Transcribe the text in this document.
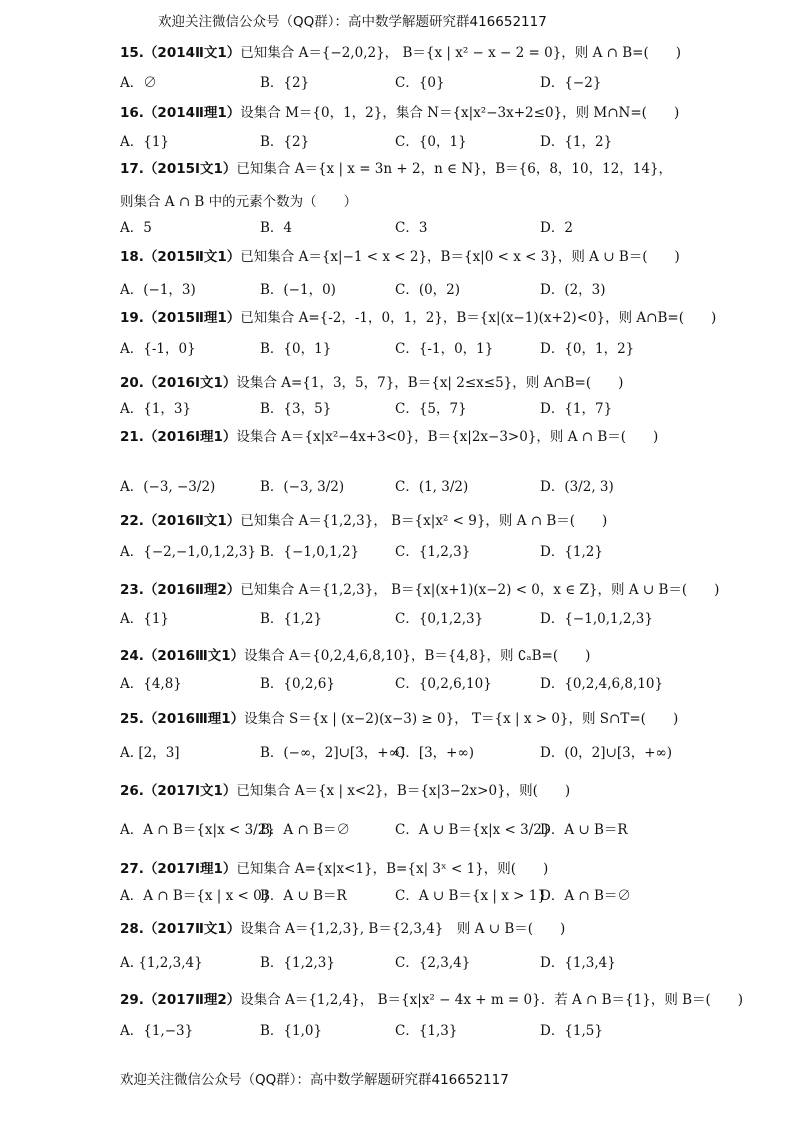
欢迎关注微信公众号（QQ群）：高中数学解题研究群416652117
15.（2014Ⅱ文1）已知集合 A＝{−2,0,2}， B＝{x | x² − x − 2 = 0}，则 A ∩ B=(　　)
A．∅	B．{2}	C．{0}	D．{−2}
16.（2014Ⅱ理1）设集合 M＝{0，1，2}，集合 N＝{x|x²−3x+2≤0}，则 M∩N=(　　)
A．{1}	B．{2}	C．{0，1}	D．{1，2}
17.（2015Ⅰ文1）已知集合 A＝{x | x = 3n + 2，n ∈ N}，B＝{6，8，10，12，14}，
则集合 A ∩ B 中的元素个数为（　　）
A．5	B．4	C．3	D．2
18.（2015Ⅱ文1）已知集合 A＝{x|−1 < x < 2}，B＝{x|0 < x < 3}，则 A ∪ B＝(　　)
A．(−1，3)	B．(−1，0)	C．(0，2)	D．(2，3)
19.（2015Ⅱ理1）已知集合 A={-2，-1，0，1，2}，B＝{x|(x−1)(x+2)<0}，则 A∩B=(　　)
A．{-1，0}	B．{0，1}	C．{-1，0，1}	D．{0，1，2}
20.（2016Ⅰ文1）设集合 A={1，3，5，7}，B＝{x| 2≤x≤5}，则 A∩B=(　　)
A．{1，3}	B．{3，5}	C．{5，7}	D．{1，7}
21.（2016Ⅰ理1）设集合 A＝{x|x²−4x+3<0}，B＝{x|2x−3>0}，则 A ∩ B＝(　　)
A．(−3, −3/2)	B．(−3, 3/2)	C．(1, 3/2)	D．(3/2, 3)
22.（2016Ⅱ文1）已知集合 A＝{1,2,3}， B＝{x|x² < 9}，则 A ∩ B＝(　　)
A．{−2,−1,0,1,2,3} B．{−1,0,1,2}	C．{1,2,3}	D．{1,2}
23.（2016Ⅱ理2）已知集合 A＝{1,2,3}， B＝{x|(x+1)(x−2) < 0，x ∈ Z}，则 A ∪ B＝(　　)
A．{1}	B．{1,2}	C．{0,1,2,3}	D．{−1,0,1,2,3}
24.（2016Ⅲ文1）设集合 A＝{0,2,4,6,8,10}，B＝{4,8}，则 ∁ₐB=(　　)
A．{4,8}	B．{0,2,6}	C．{0,2,6,10}	D．{0,2,4,6,8,10}
25.（2016Ⅲ理1）设集合 S＝{x | (x−2)(x−3) ≥ 0}， T＝{x | x > 0}，则 S∩T=(　　)
A. [2，3]	B．(−∞，2]∪[3，+∞)
C．[3，+∞)	D．(0，2]∪[3，+∞)
26.（2017Ⅰ文1）已知集合 A＝{x | x<2}，B＝{x|3−2x>0}，则(　　)
A．A ∩ B＝{x|x < 3/2}
B．A ∩ B＝∅	C．A ∪ B＝{x|x < 3/2}
D．A ∪ B＝R
27.（2017Ⅰ理1）已知集合 A={x|x<1}，B={x| 3ˣ < 1}，则(　　)
A．A ∩ B＝{x | x < 0}
B．A ∪ B＝R	C．A ∪ B＝{x | x > 1}
D．A ∩ B＝∅
28.（2017Ⅱ文1）设集合 A＝{1,2,3}, B＝{2,3,4}　则 A ∪ B＝(　　)
A. {1,2,3,4}	B．{1,2,3}	C．{2,3,4}	D．{1,3,4}
29.（2017Ⅱ理2）设集合 A＝{1,2,4}， B＝{x|x² − 4x + m = 0}．若 A ∩ B＝{1}，则 B＝(　　)
A．{1,−3}	B．{1,0}	C．{1,3}	D．{1,5}
欢迎关注微信公众号（QQ群）：高中数学解题研究群416652117
